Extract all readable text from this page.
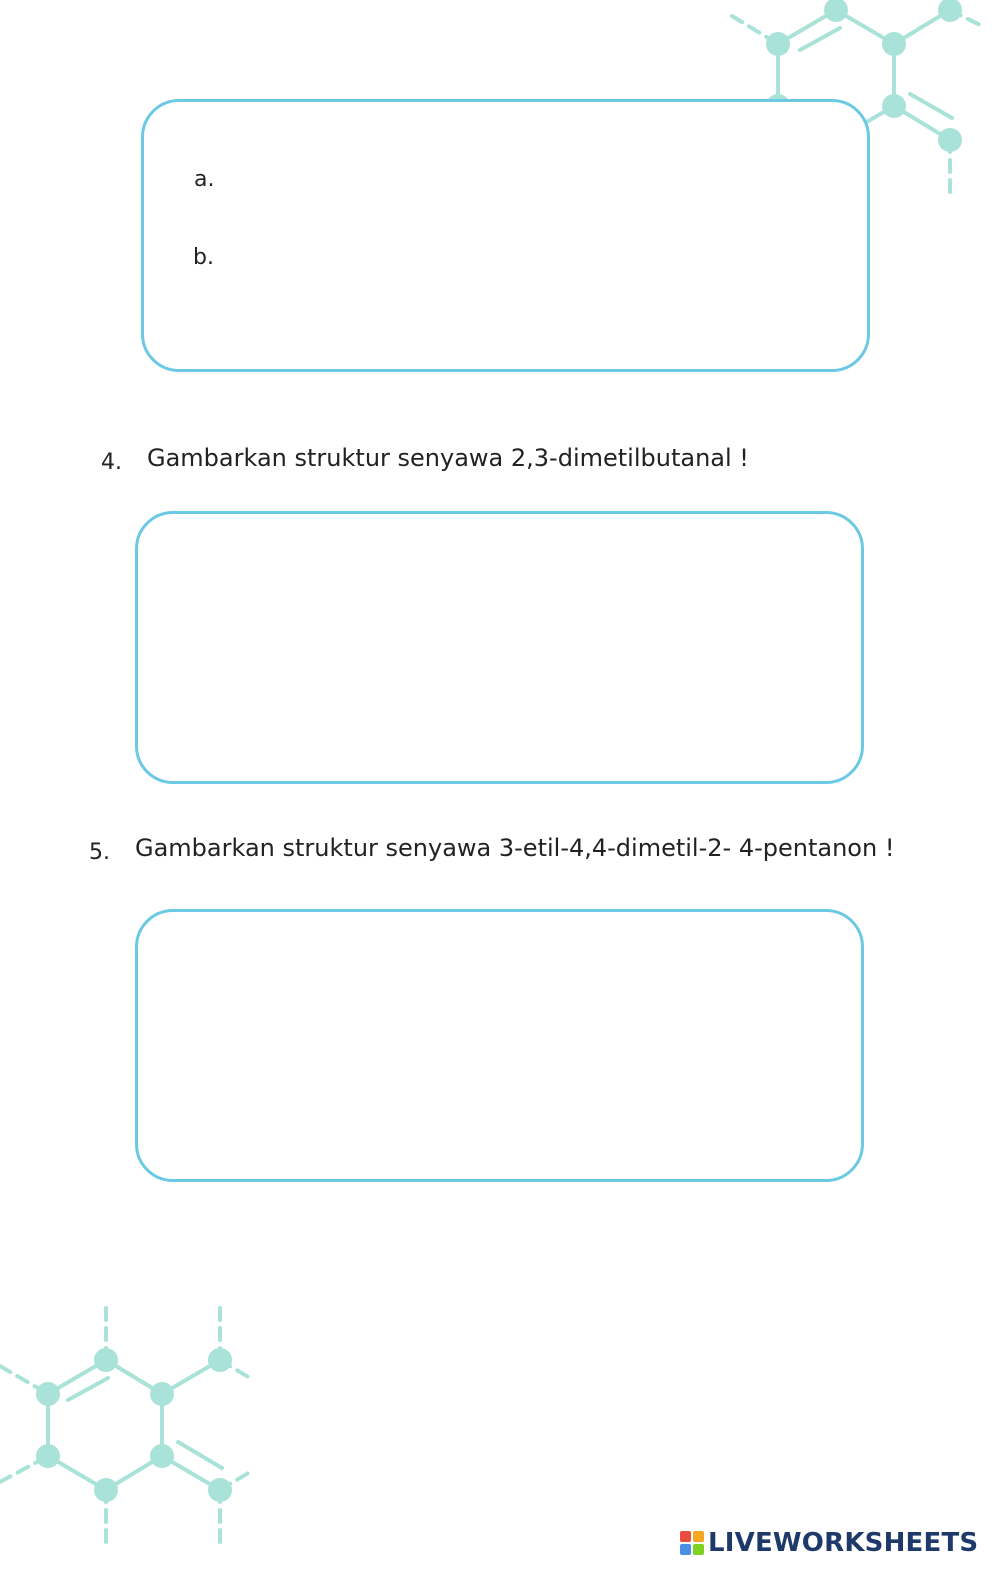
a.
b.
4. Gambarkan struktur senyawa 2,3-dimetilbutanal !
5. Gambarkan struktur senyawa 3-etil-4,4-dimetil-2- 4-pentanon !
LIVEWORKSHEETS
